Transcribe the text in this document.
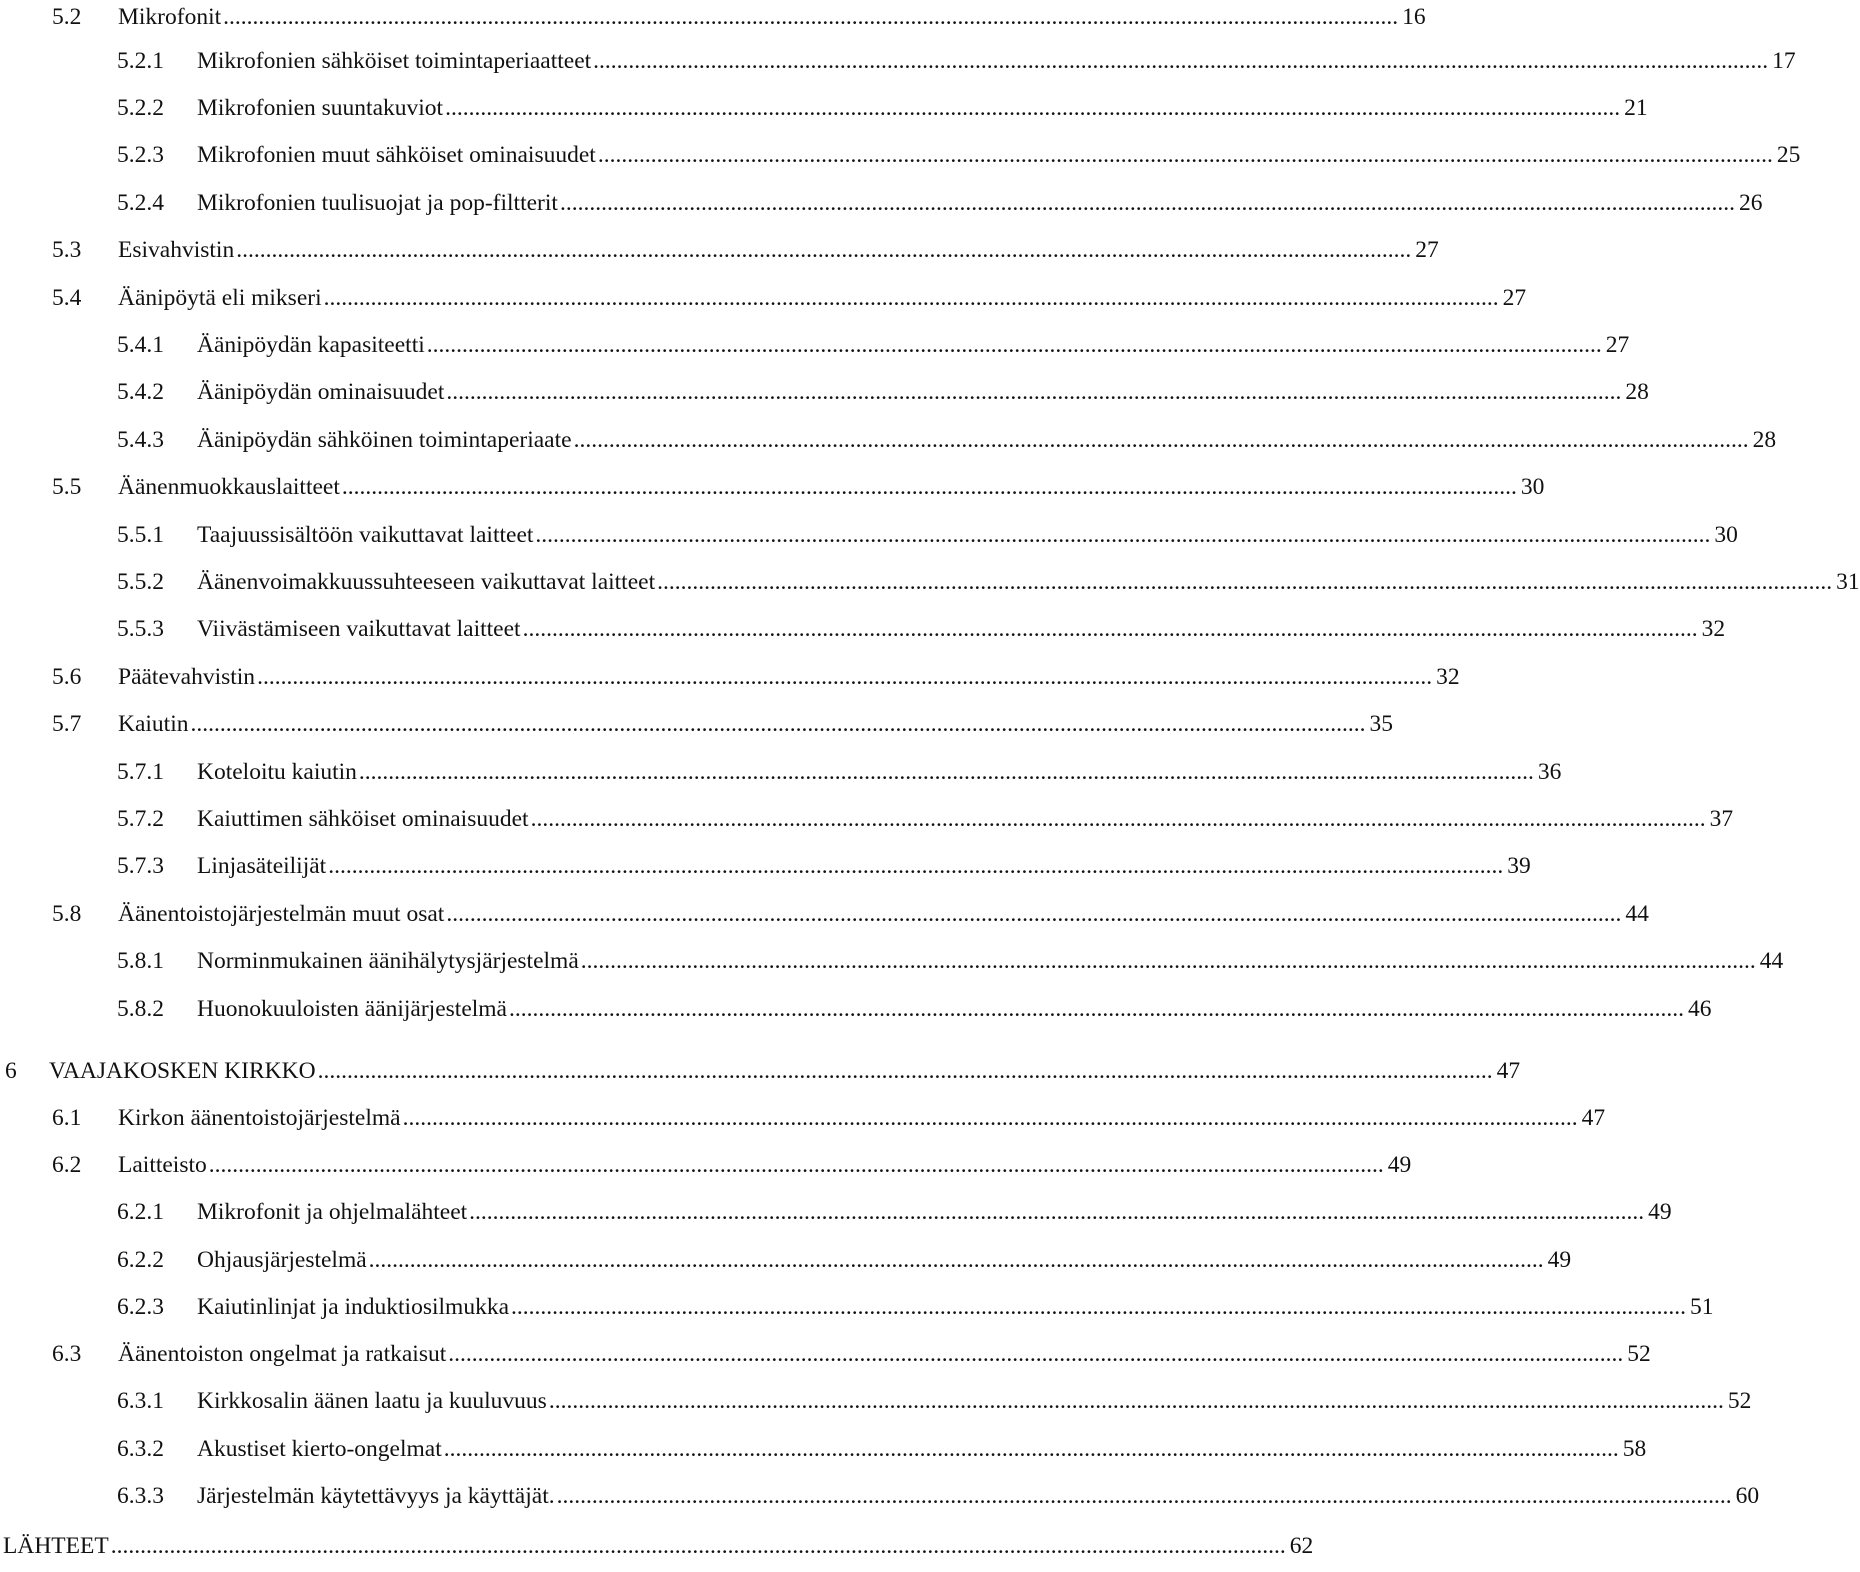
5.2	Mikrofonit ........................................................................................................................................................................................................ 16
5.2.1	Mikrofonien sähköiset toimintaperiaatteet ........................................................................................................................................................................................................ 17
5.2.2	Mikrofonien suuntakuviot ........................................................................................................................................................................................................ 21
5.2.3	Mikrofonien muut sähköiset ominaisuudet ........................................................................................................................................................................................................ 25
5.2.4	Mikrofonien tuulisuojat ja pop-filtterit ........................................................................................................................................................................................................ 26
5.3	Esivahvistin ........................................................................................................................................................................................................ 27
5.4	Äänipöytä eli mikseri ........................................................................................................................................................................................................ 27
5.4.1	Äänipöydän kapasiteetti ........................................................................................................................................................................................................ 27
5.4.2	Äänipöydän ominaisuudet ........................................................................................................................................................................................................ 28
5.4.3	Äänipöydän sähköinen toimintaperiaate ........................................................................................................................................................................................................ 28
5.5	Äänenmuokkauslaitteet ........................................................................................................................................................................................................ 30
5.5.1	Taajuussisältöön vaikuttavat laitteet ........................................................................................................................................................................................................ 30
5.5.2	Äänenvoimakkuussuhteeseen vaikuttavat laitteet ........................................................................................................................................................................................................ 31
5.5.3	Viivästämiseen vaikuttavat laitteet ........................................................................................................................................................................................................ 32
5.6	Päätevahvistin ........................................................................................................................................................................................................ 32
5.7	Kaiutin ........................................................................................................................................................................................................ 35
5.7.1	Koteloitu kaiutin ........................................................................................................................................................................................................ 36
5.7.2	Kaiuttimen sähköiset ominaisuudet ........................................................................................................................................................................................................ 37
5.7.3	Linjasäteilijät ........................................................................................................................................................................................................ 39
5.8	Äänentoistojärjestelmän muut osat ........................................................................................................................................................................................................ 44
5.8.1	Norminmukainen äänihälytysjärjestelmä ........................................................................................................................................................................................................ 44
5.8.2	Huonokuuloisten äänijärjestelmä ........................................................................................................................................................................................................ 46
6	VAAJAKOSKEN KIRKKO ........................................................................................................................................................................................................ 47
6.1	Kirkon äänentoistojärjestelmä ........................................................................................................................................................................................................ 47
6.2	Laitteisto ........................................................................................................................................................................................................ 49
6.2.1	Mikrofonit ja ohjelmalähteet ........................................................................................................................................................................................................ 49
6.2.2	Ohjausjärjestelmä ........................................................................................................................................................................................................ 49
6.2.3	Kaiutinlinjat ja induktiosilmukka ........................................................................................................................................................................................................ 51
6.3	Äänentoiston ongelmat ja ratkaisut ........................................................................................................................................................................................................ 52
6.3.1	Kirkkosalin äänen laatu ja kuuluvuus ........................................................................................................................................................................................................ 52
6.3.2	Akustiset kierto-ongelmat ........................................................................................................................................................................................................ 58
6.3.3	Järjestelmän käytettävyys ja käyttäjät. ........................................................................................................................................................................................................ 60
LÄHTEET ........................................................................................................................................................................................................ 62
